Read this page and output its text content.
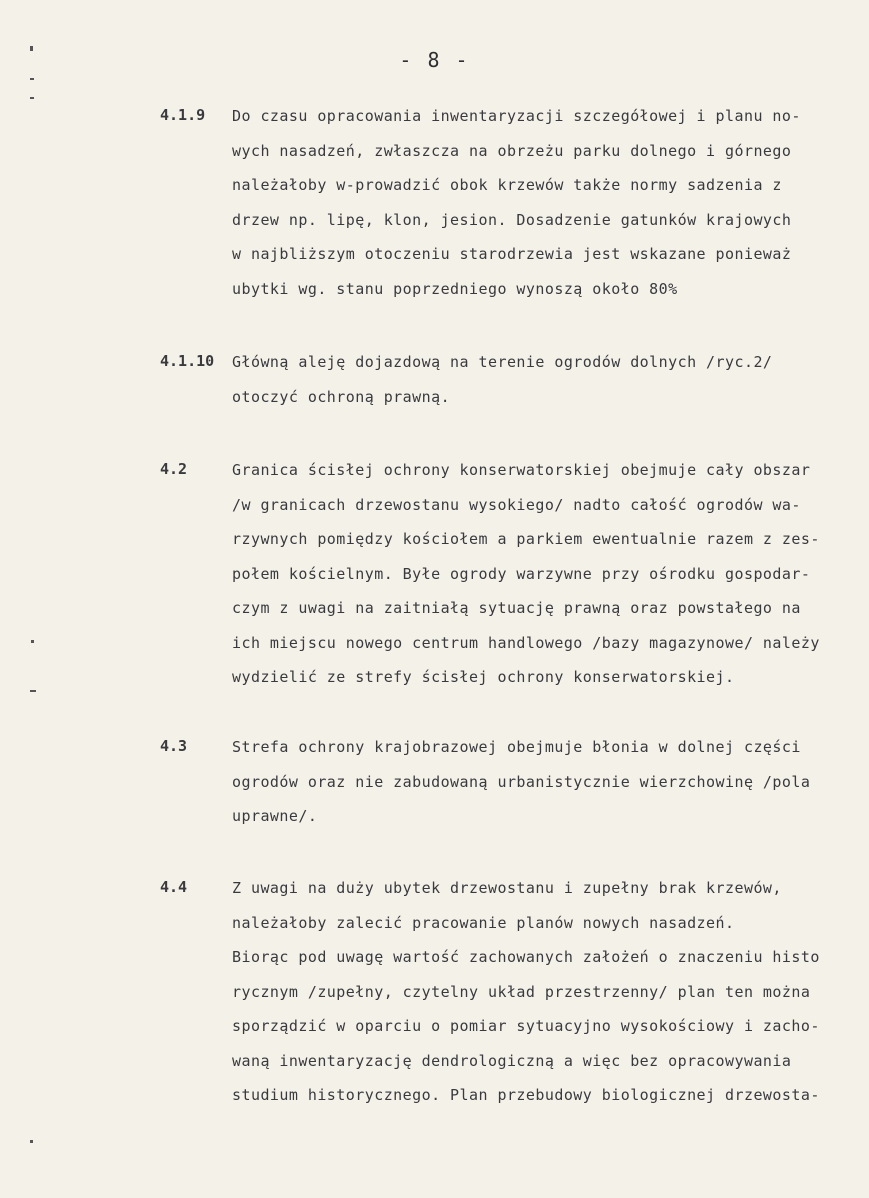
- 8 -
4.1.9	Do czasu opracowania inwentaryzacji szczegółowej i planu no-
wych nasadzeń, zwłaszcza na obrzeżu parku dolnego i górnego
należałoby w-prowadzić obok krzewów także normy sadzenia z
drzew np. lipę, klon, jesion. Dosadzenie gatunków krajowych
w najbliższym otoczeniu starodrzewia jest wskazane ponieważ
ubytki wg. stanu poprzedniego wynoszą około 80%
4.1.10	Główną aleję dojazdową na terenie ogrodów dolnych /ryc.2/
otoczyć ochroną prawną.
4.2	Granica ścisłej ochrony konserwatorskiej obejmuje cały obszar
/w granicach drzewostanu wysokiego/ nadto całość ogrodów wa-
rzywnych pomiędzy kościołem a parkiem ewentualnie razem z zes-
połem kościelnym. Byłe ogrody warzywne przy ośrodku gospodar-
czym z uwagi na zaitniałą sytuację prawną oraz powstałego na
ich miejscu nowego centrum handlowego /bazy magazynowe/ należy
wydzielić ze strefy ścisłej ochrony konserwatorskiej.
4.3	Strefa ochrony krajobrazowej obejmuje błonia w dolnej części
ogrodów oraz nie zabudowaną urbanistycznie wierzchowinę /pola
uprawne/.
4.4	Z uwagi na duży ubytek drzewostanu i zupełny brak krzewów,
należałoby zalecić pracowanie planów nowych nasadzeń.
Biorąc pod uwagę wartość zachowanych założeń o znaczeniu histo
rycznym /zupełny, czytelny układ przestrzenny/ plan ten można
sporządzić w oparciu o pomiar sytuacyjno wysokościowy i zacho-
waną inwentaryzację dendrologiczną a więc bez opracowywania
studium historycznego. Plan przebudowy biologicznej drzewosta-
